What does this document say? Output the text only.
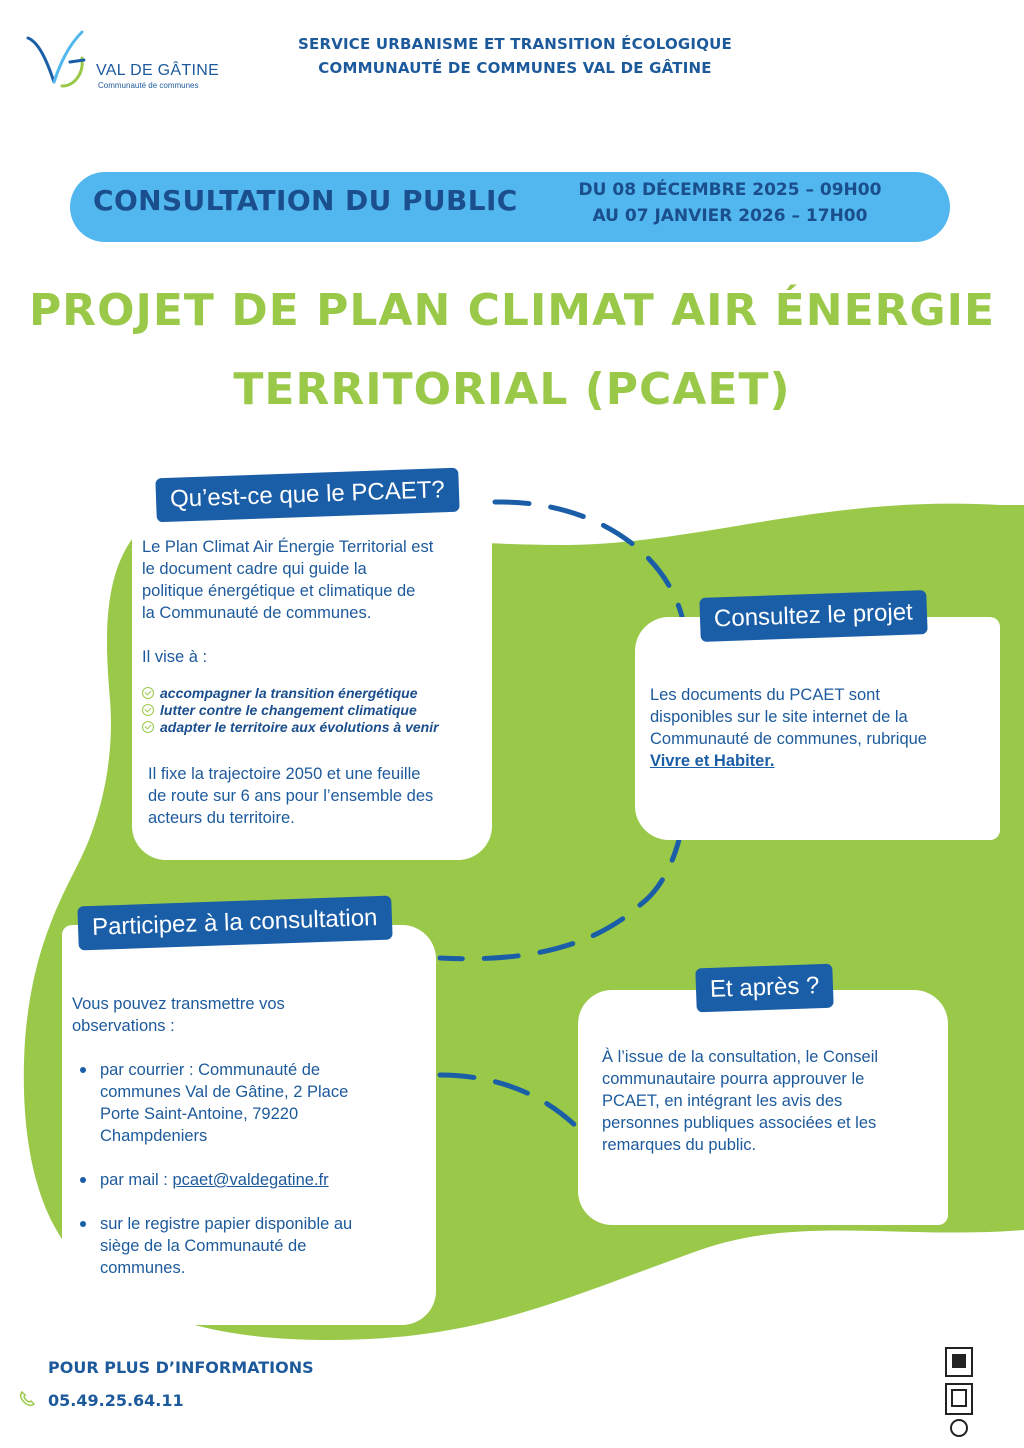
VAL DE GÂTINE
Communauté de communes
SERVICE URBANISME ET TRANSITION ÉCOLOGIQUE
COMMUNAUTÉ DE COMMUNES VAL DE GÂTINE
CONSULTATION DU PUBLIC	DU 08 DÉCEMBRE 2025 – 09H00
AU 07 JANVIER 2026 – 17H00
PROJET DE PLAN CLIMAT AIR ÉNERGIE
TERRITORIAL (PCAET)
Qu’est-ce que le PCAET?
Le Plan Climat Air Énergie Territorial est
le document cadre qui guide la
politique énergétique et climatique de
la Communauté de communes.
Il vise à :
accompagner la transition énergétique
lutter contre le changement climatique
adapter le territoire aux évolutions à venir
Il fixe la trajectoire 2050 et une feuille
de route sur 6 ans pour l’ensemble des
acteurs du territoire.
Consultez le projet
Les documents du PCAET sont
disponibles sur le site internet de la
Communauté de communes, rubrique
Vivre et Habiter.
Participez à la consultation
Vous pouvez transmettre vos
observations :
par courrier : Communauté de
communes Val de Gâtine, 2 Place
Porte Saint-Antoine, 79220
Champdeniers
par mail : pcaet@valdegatine.fr
sur le registre papier disponible au
siège de la Communauté de
communes.
Et après ?
À l’issue de la consultation, le Conseil
communautaire pourra approuver le
PCAET, en intégrant les avis des
personnes publiques associées et les
remarques du public.
POUR PLUS D’INFORMATIONS
05.49.25.64.11
